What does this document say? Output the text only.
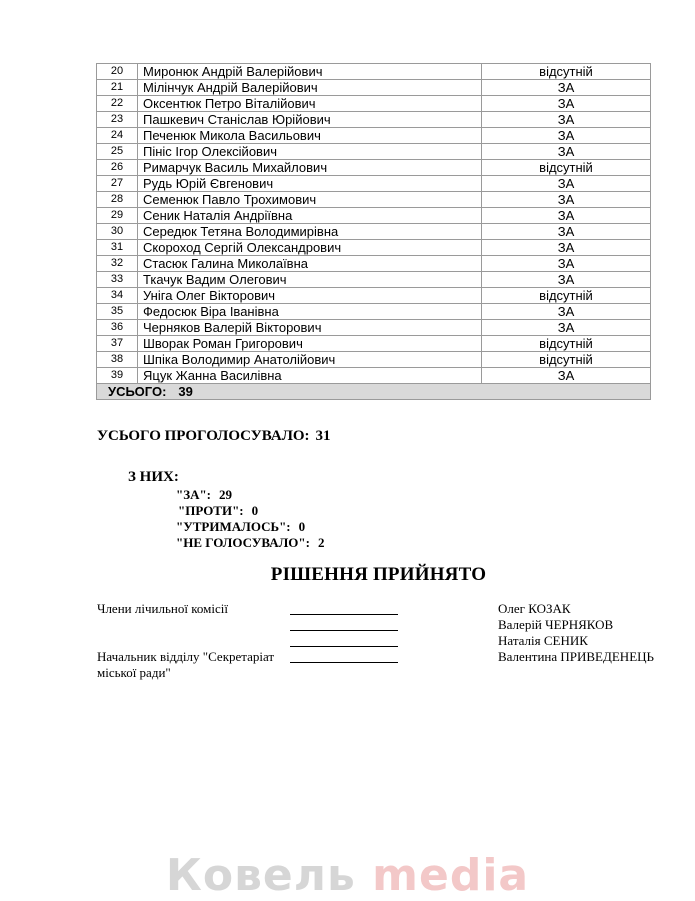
20	Миронюк Андрій Валерійович	відсутній
21	Мілінчук Андрій Валерійович	ЗА
22	Оксентюк Петро Віталійович	ЗА
23	Пашкевич Станіслав Юрійович	ЗА
24	Печенюк Микола Васильович	ЗА
25	Пініс Ігор Олексійович	ЗА
26	Римарчук Василь Михайлович	відсутній
27	Рудь Юрій Євгенович	ЗА
28	Семенюк Павло Трохимович	ЗА
29	Сеник Наталія Андріївна	ЗА
30	Середюк Тетяна Володимирівна	ЗА
31	Скороход Сергій Олександрович	ЗА
32	Стасюк Галина Миколаївна	ЗА
33	Ткачук Вадим Олегович	ЗА
34	Уніга Олег Вікторович	відсутній
35	Федосюк Віра Іванівна	ЗА
36	Черняков Валерій Вікторович	ЗА
37	Шворак Роман Григорович	відсутній
38	Шпіка Володимир Анатолійович	відсутній
39	Яцук Жанна Василівна	ЗА
УСЬОГО: 39		
УСЬОГО ПРОГОЛОСУВАЛО: 31
З НИХ:
"ЗА": 29
"ПРОТИ": 0
"УТРИМАЛОСЬ": 0
"НЕ ГОЛОСУВАЛО": 2
РІШЕННЯ ПРИЙНЯТО
Члени лічильної комісії
Начальник відділу "Секретаріат міської ради"
Олег КОЗАК
Валерій ЧЕРНЯКОВ
Наталія СЕНИК
Валентина ПРИВЕДЕНЕЦЬ
Ковель media
